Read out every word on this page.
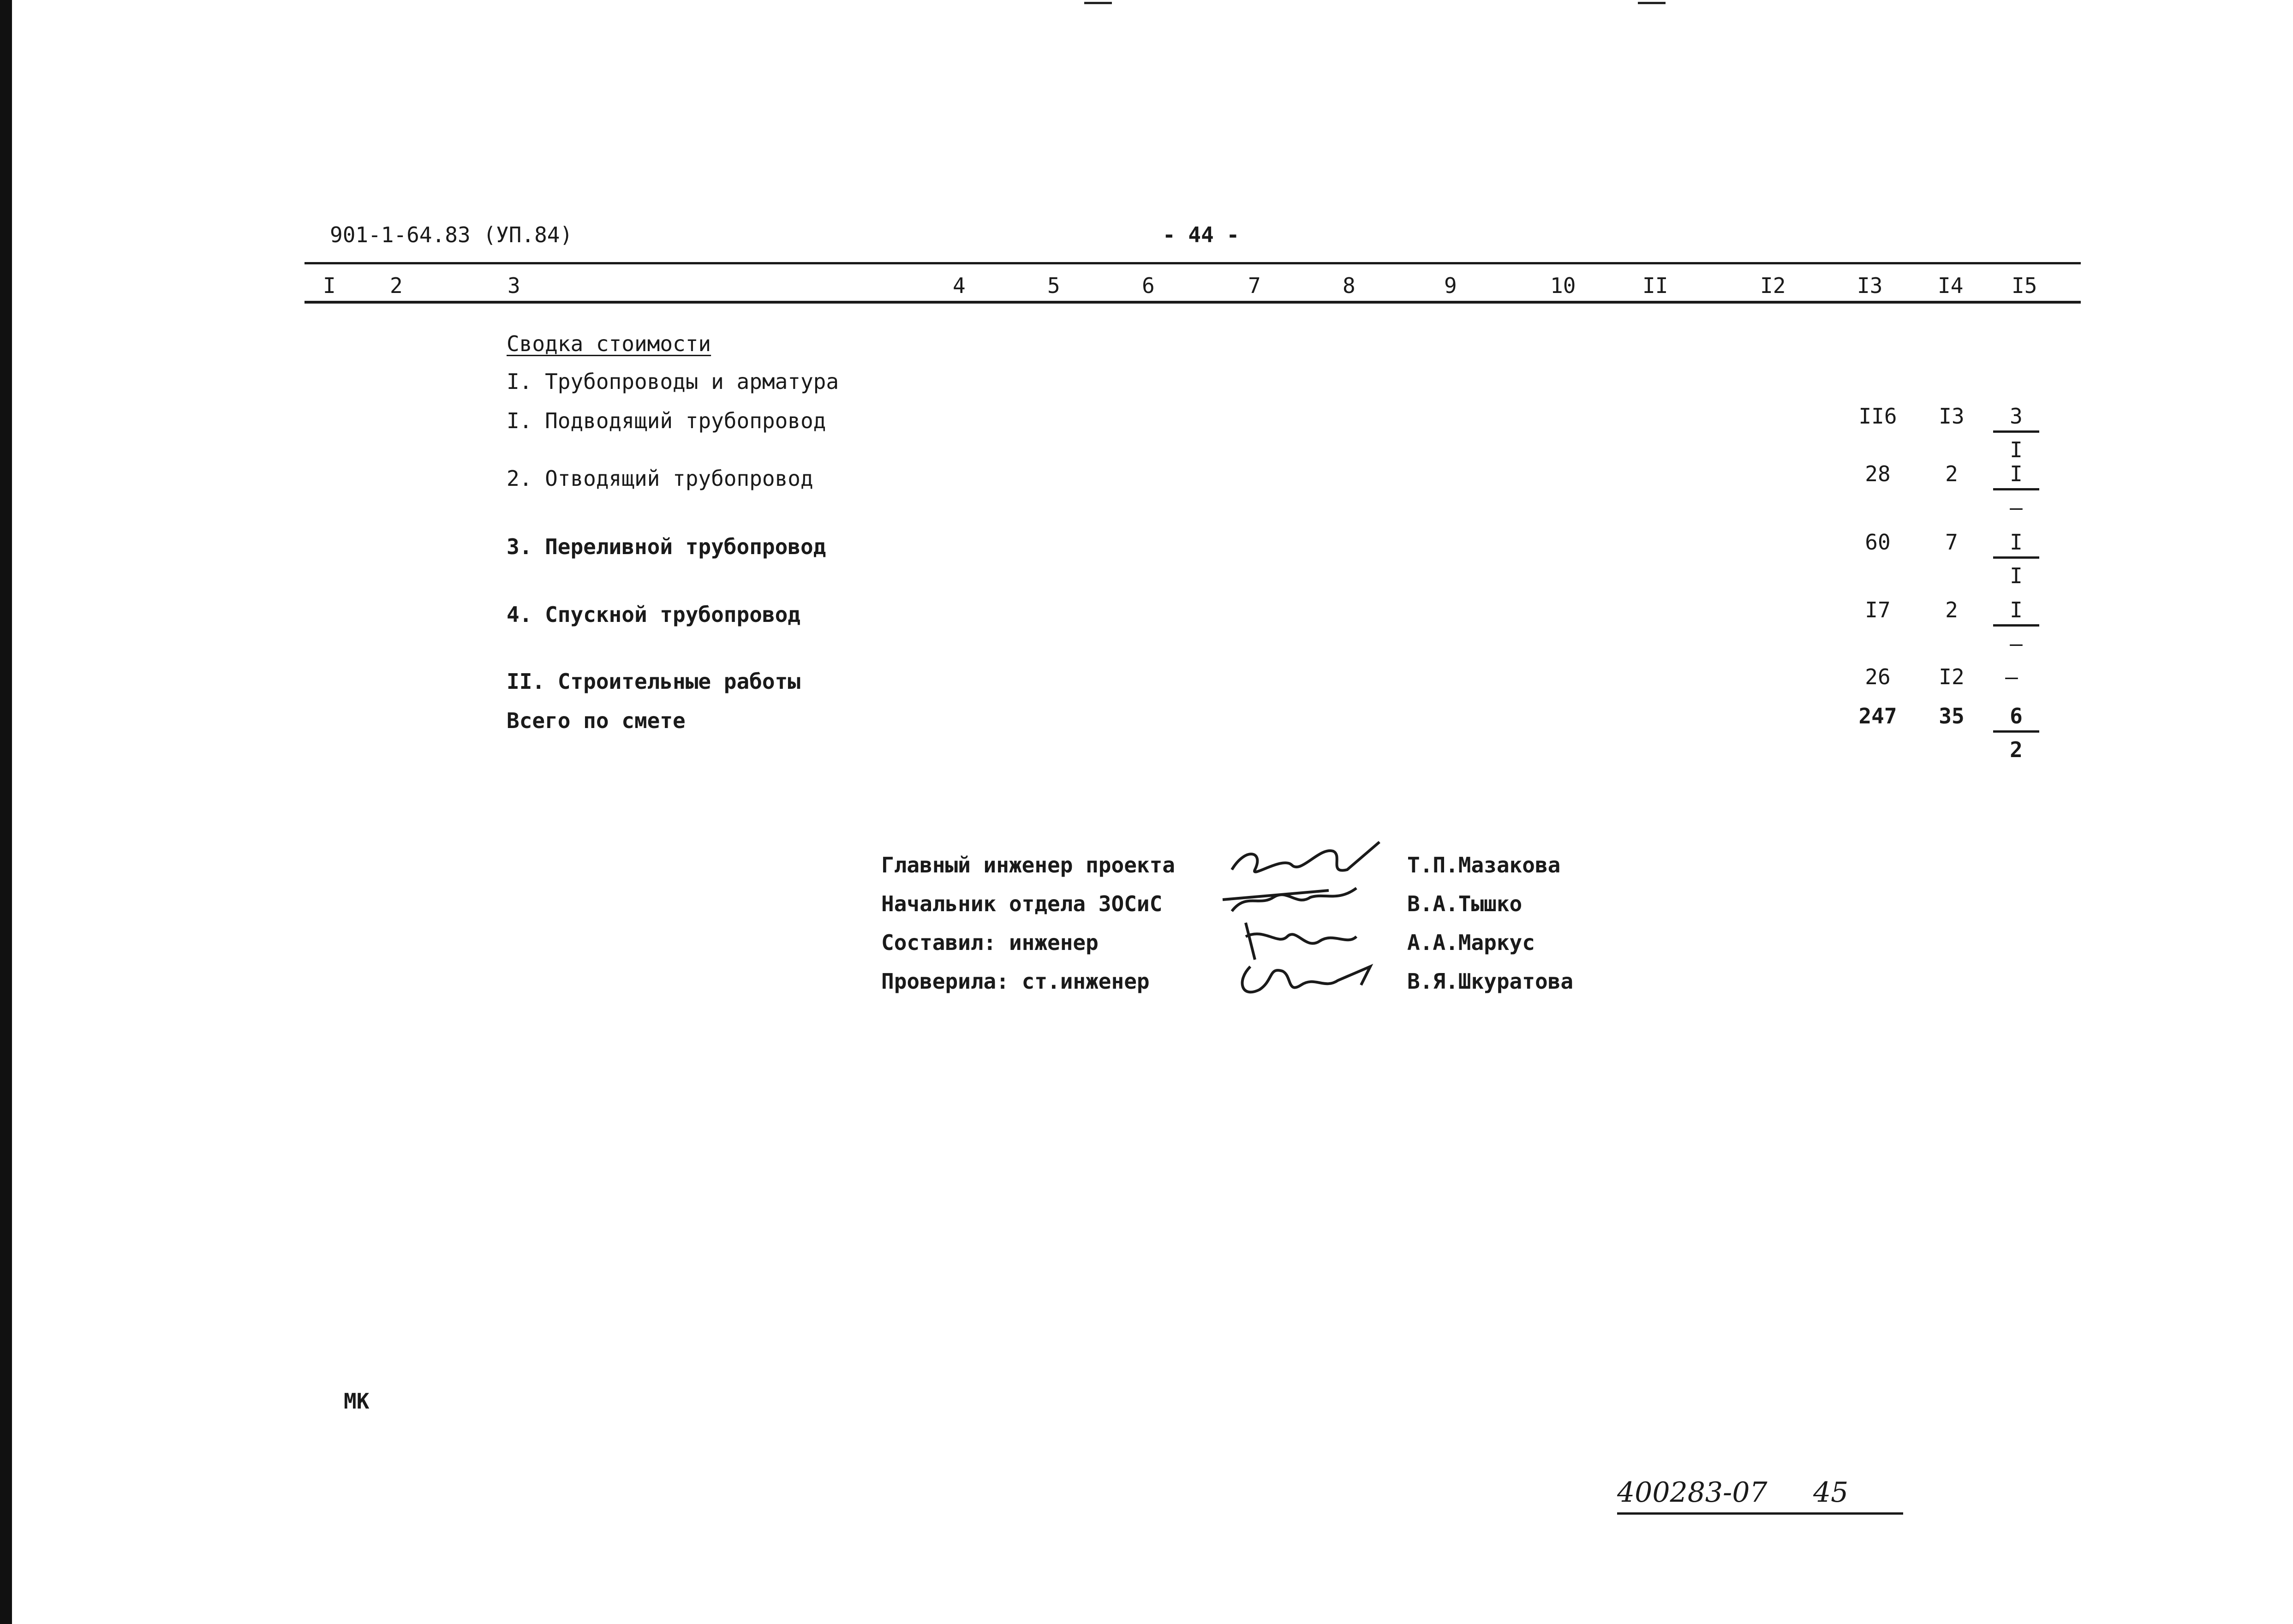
901-1-64.83 (УП.84)	- 44 -
I	2	3	4	5	6	7	8	9	10	II	I2	I3	I4 I5
Сводка стоимости
I. Трубопроводы и арматура
I. Подводящий трубопровод	II6	I3	$\frac{3}{I}$
2. Отводящий трубопровод	28	2	I
–
3. Переливной трубопровод	60	7	$\frac{I}{I}$
4. Спускной трубопровод	I7	2	I
–
II. Строительные работы	26	I2	–
Всего по смете	247	35	$\frac{6}{2}$
Главный инженер проекта	Т.П.Мазакова
Начальник отдела ЗОСиС	В.А.Тышко
Составил: инженер	А.А.Маркус
Проверила: ст.инженер	В.Я.Шкуратова
МК
400283-07 45
